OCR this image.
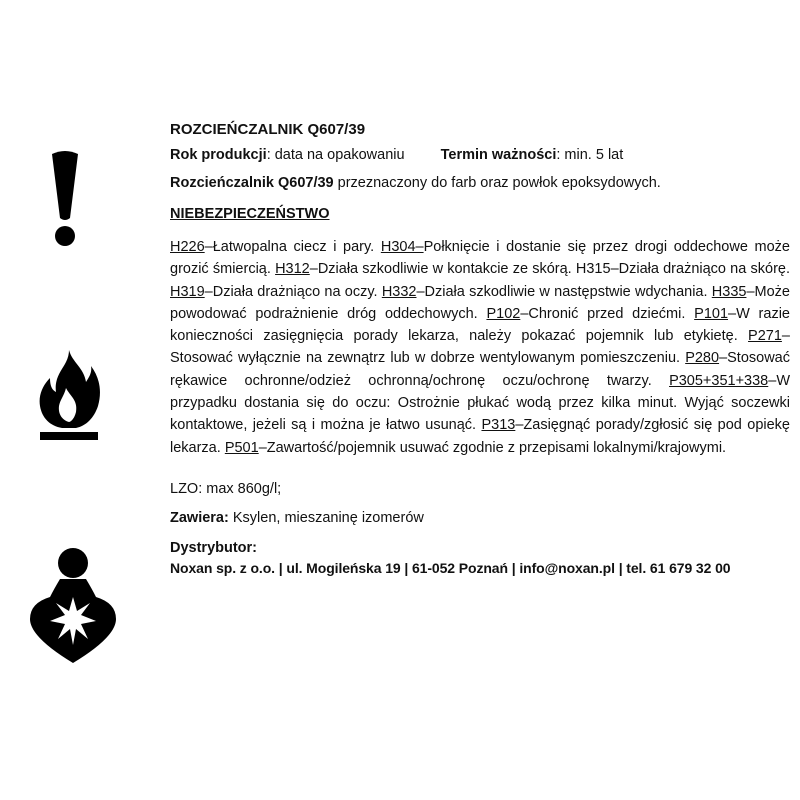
ROZCIEŃCZALNIK Q607/39
Rok produkcji: data na opakowaniu Termin ważności: min. 5 lat
Rozcieńczalnik Q607/39 przeznaczony do farb oraz powłok epoksydowych.
NIEBEZPIECZEŃSTWO
H226–Łatwopalna ciecz i pary. H304–Połknięcie i dostanie się przez drogi oddechowe może grozić śmiercią. H312–Działa szkodliwie w kontakcie ze skórą. H315–Działa drażniąco na skórę. H319–Działa drażniąco na oczy. H332–Działa szkodliwie w następstwie wdychania. H335–Może powodować podrażnienie dróg oddechowych. P102–Chronić przed dziećmi. P101–W razie konieczności zasięgnięcia porady lekarza, należy pokazać pojemnik lub etykietę. P271–Stosować wyłącznie na zewnątrz lub w dobrze wentylowanym pomieszczeniu. P280–Stosować rękawice ochronne/odzież ochronną/ochronę oczu/ochronę twarzy. P305+351+338–W przypadku dostania się do oczu: Ostrożnie płukać wodą przez kilka minut. Wyjąć soczewki kontaktowe, jeżeli są i można je łatwo usunąć. P313–Zasięgnąć porady/zgłosić się pod opiekę lekarza. P501–Zawartość/pojemnik usuwać zgodnie z przepisami lokalnymi/krajowymi.
LZO: max 860g/l;
Zawiera: Ksylen, mieszaninę izomerów
Dystrybutor:
Noxan sp. z o.o. | ul. Mogileńska 19 | 61-052 Poznań | info@noxan.pl | tel. 61 679 32 00
